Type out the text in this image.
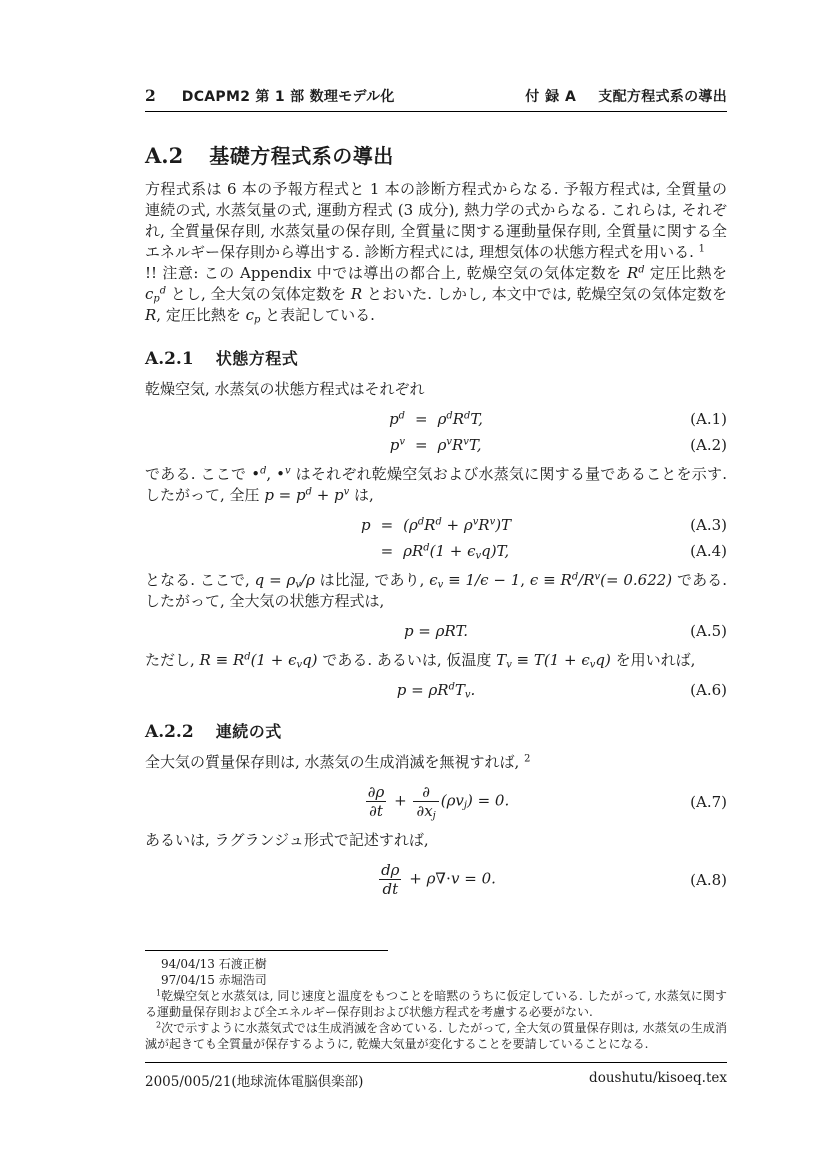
2 DCAPM2 第 1 部 数理モデル化	付 録 A 支配方程式系の導出
A.2 基礎方程式系の導出

方程式系は 6 本の予報方程式と 1 本の診断方程式からなる. 予報方程式は, 全質量の連続の式, 水蒸気量の式, 運動方程式 (3 成分), 熱力学の式からなる. これらは, それぞれ, 全質量保存則, 水蒸気量の保存則, 全質量に関する運動量保存則, 全質量に関する全エネルギー保存則から導出する. 診断方程式には, 理想気体の状態方程式を用いる. $^1$

!! 注意: この Appendix 中では導出の都合上, 乾燥空気の気体定数を $R^d$ 定圧比熱を $c_p^d$ とし, 全大気の気体定数を R とおいた. しかし, 本文中では, 乾燥空気の気体定数を R, 定圧比熱を $c_p$ と表記している.

A.2.1 状態方程式

乾燥空気, 水蒸気の状態方程式はそれぞれ

$p^d = \rho^dR^dT$,	(A.1)
$p^v = \rho^vR^vT$,	(A.2)

である. ここで •$^d$, •$^v$ はそれぞれ乾燥空気および水蒸気に関する量であることを示す. したがって, 全圧 $p = p^d + p^v$ は,

$p = (\rho^dR^d + \rho^vR^v)T$	(A.3)
= $\rho R^d(1 + \epsilon_vq)T$,	(A.4)

となる. ここで, $q = \rho_v/\rho$ は比湿, であり, $\epsilon_v \equiv 1/\epsilon - 1$, $\epsilon \equiv R^d/R^v(= 0.622)$ である. したがって, 全大気の状態方程式は,

p = ρRT.	(A.5)

ただし, $R \equiv R^d(1 + \epsilon_vq)$ である. あるいは, 仮温度 $T_v \equiv T(1 + \epsilon_vq)$ を用いれば,

$p = \rho R^dT_v$.	(A.6)
A.2.2 連続の式

全大気の質量保存則は, 水蒸気の生成消滅を無視すれば, $^2$

$\frac{\partial\rho}{\partial t} + \frac{\partial}{\partial x_j} (\rho v_j) = 0$.	(A.7)

あるいは, ラグランジュ形式で記述すれば,

$\frac{d\rho}{dt} + \rho\nabla\cdot v = 0$.	(A.8)
94/04/13 石渡正樹
97/04/15 赤堀浩司

$^1$乾燥空気と水蒸気は, 同じ速度と温度をもつことを暗黙のうちに仮定している. したがって, 水蒸気に関する運動量保存則および全エネルギー保存則および状態方程式を考慮する必要がない.

$^2$次で示すように水蒸気式では生成消滅を含めている. したがって, 全大気の質量保存則は, 水蒸気の生成消滅が起きても全質量が保存するように, 乾燥大気量が変化することを要請していることになる.

2005/005/21(地球流体電脳倶楽部)	doushutu/kisoeq.tex
